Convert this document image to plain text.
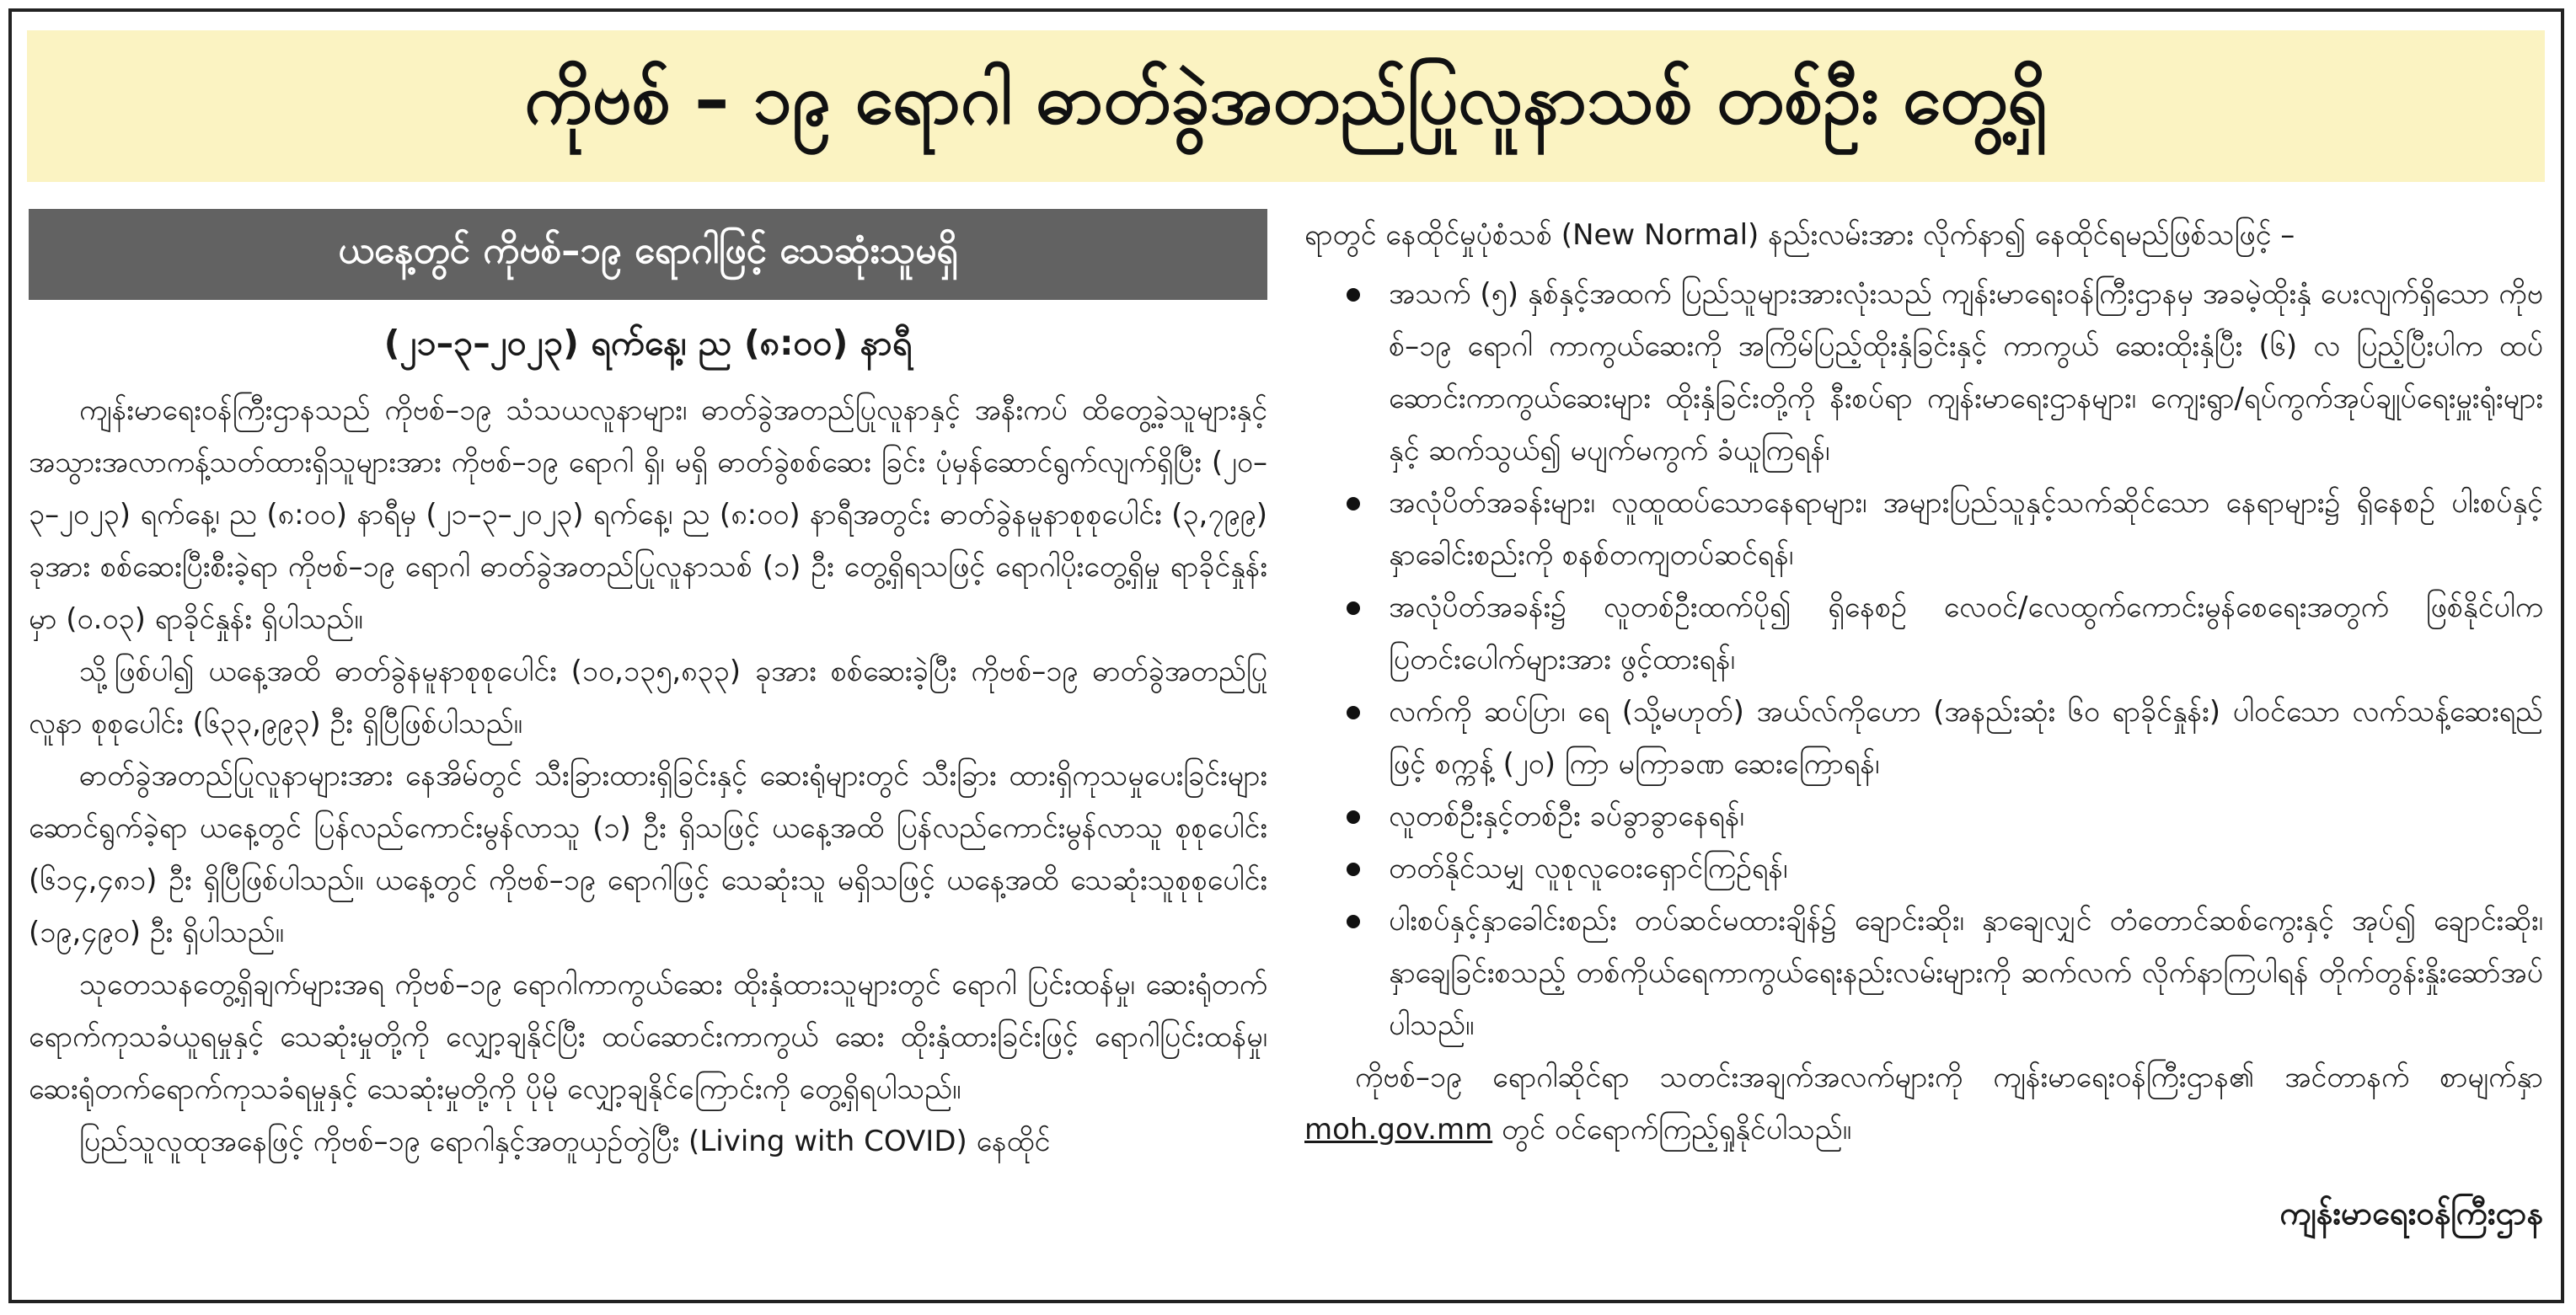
ကိုဗစ် – ၁၉ ရောဂါ ဓာတ်ခွဲအတည်ပြုလူနာသစ် တစ်ဦး တွေ့ရှိ
ယနေ့တွင် ကိုဗစ်–၁၉ ရောဂါဖြင့် သေဆုံးသူမရှိ
(၂၁–၃–၂၀၂၃) ရက်နေ့၊ ည (၈:၀၀) နာရီ

ကျန်းမာရေးဝန်ကြီးဌာနသည် ကိုဗစ်–၁၉ သံသယလူနာများ၊ ဓာတ်ခွဲအတည်ပြုလူနာနှင့် အနီးကပ် ထိတွေ့ခဲ့သူများနှင့် အသွားအလာကန့်သတ်ထားရှိသူများအား ကိုဗစ်–၁၉ ရောဂါ ရှိ၊ မရှိ ဓာတ်ခွဲစစ်ဆေး ခြင်း ပုံမှန်ဆောင်ရွက်လျက်ရှိပြီး (၂၀–၃–၂၀၂၃) ရက်နေ့၊ ည (၈:၀၀) နာရီမှ (၂၁–၃–၂၀၂၃) ရက်နေ့၊ ည (၈:၀၀) နာရီအတွင်း ဓာတ်ခွဲနမူနာစုစုပေါင်း (၃,၇၉၉) ခုအား စစ်ဆေးပြီးစီးခဲ့ရာ ကိုဗစ်–၁၉ ရောဂါ ဓာတ်ခွဲအတည်ပြုလူနာသစ် (၁) ဦး တွေ့ရှိရသဖြင့် ရောဂါပိုးတွေ့ရှိမှု ရာခိုင်နှုန်းမှာ (၀.၀၃) ရာခိုင်နှုန်း ရှိပါသည်။

သို့ဖြစ်ပါ၍ ယနေ့အထိ ဓာတ်ခွဲနမူနာစုစုပေါင်း (၁၀,၁၃၅,၈၃၃) ခုအား စစ်ဆေးခဲ့ပြီး ကိုဗစ်–၁၉ ဓာတ်ခွဲအတည်ပြုလူနာ စုစုပေါင်း (၆၃၃,၉၉၃) ဦး ရှိပြီဖြစ်ပါသည်။

ဓာတ်ခွဲအတည်ပြုလူနာများအား နေအိမ်တွင် သီးခြားထားရှိခြင်းနှင့် ဆေးရုံများတွင် သီးခြား ထားရှိကုသမှုပေးခြင်းများ ဆောင်ရွက်ခဲ့ရာ ယနေ့တွင် ပြန်လည်ကောင်းမွန်လာသူ (၁) ဦး ရှိသဖြင့် ယနေ့အထိ ပြန်လည်ကောင်းမွန်လာသူ စုစုပေါင်း (၆၁၄,၄၈၁) ဦး ရှိပြီဖြစ်ပါသည်။ ယနေ့တွင် ကိုဗစ်–၁၉ ရောဂါဖြင့် သေဆုံးသူ မရှိသဖြင့် ယနေ့အထိ သေဆုံးသူစုစုပေါင်း (၁၉,၄၉၀) ဦး ရှိပါသည်။

သုတေသနတွေ့ရှိချက်များအရ ကိုဗစ်–၁၉ ရောဂါကာကွယ်ဆေး ထိုးနှံထားသူများတွင် ရောဂါ ပြင်းထန်မှု၊ ဆေးရုံတက်ရောက်ကုသခံယူရမှုနှင့် သေဆုံးမှုတို့ကို လျှော့ချနိုင်ပြီး ထပ်ဆောင်းကာကွယ် ဆေး ထိုးနှံထားခြင်းဖြင့် ရောဂါပြင်းထန်မှု၊ ဆေးရုံတက်ရောက်ကုသခံရမှုနှင့် သေဆုံးမှုတို့ကို ပိုမို လျှော့ချနိုင်ကြောင်းကို တွေ့ရှိရပါသည်။

ပြည်သူလူထုအနေဖြင့် ကိုဗစ်–၁၉ ရောဂါနှင့်အတူယှဉ်တွဲပြီး (Living with COVID) နေထိုင်

ရာတွင် နေထိုင်မှုပုံစံသစ် (New Normal) နည်းလမ်းအား လိုက်နာ၍ နေထိုင်ရမည်ဖြစ်သဖြင့် –

အသက် (၅) နှစ်နှင့်အထက် ပြည်သူများအားလုံးသည် ကျန်းမာရေးဝန်ကြီးဌာနမှ အခမဲ့ထိုးနှံ ပေးလျက်ရှိသော ကိုဗစ်–၁၉ ရောဂါ ကာကွယ်ဆေးကို အကြိမ်ပြည့်ထိုးနှံခြင်းနှင့် ကာကွယ် ဆေးထိုးနှံပြီး (၆) လ ပြည့်ပြီးပါက ထပ်ဆောင်းကာကွယ်ဆေးများ ထိုးနှံခြင်းတို့ကို နီးစပ်ရာ ကျန်းမာရေးဌာနများ၊ ကျေးရွာ/ရပ်ကွက်အုပ်ချုပ်ရေးမှူးရုံးများနှင့် ဆက်သွယ်၍ မပျက်မကွက် ခံယူကြရန်၊
အလုံပိတ်အခန်းများ၊ လူထူထပ်သောနေရာများ၊ အများပြည်သူနှင့်သက်ဆိုင်သော နေရာများ၌ ရှိနေစဉ် ပါးစပ်နှင့်နှာခေါင်းစည်းကို စနစ်တကျတပ်ဆင်ရန်၊
အလုံပိတ်အခန်း၌ လူတစ်ဦးထက်ပို၍ ရှိနေစဉ် လေဝင်/လေထွက်ကောင်းမွန်စေရေးအတွက် ဖြစ်နိုင်ပါက ပြတင်းပေါက်များအား ဖွင့်ထားရန်၊
လက်ကို ဆပ်ပြာ၊ ရေ (သို့မဟုတ်) အယ်လ်ကိုဟော (အနည်းဆုံး ၆၀ ရာခိုင်နှုန်း) ပါဝင်သော လက်သန့်ဆေးရည်ဖြင့် စက္ကန့် (၂၀) ကြာ မကြာခဏ ဆေးကြောရန်၊
လူတစ်ဦးနှင့်တစ်ဦး ခပ်ခွာခွာနေရန်၊
တတ်နိုင်သမျှ လူစုလူဝေးရှောင်ကြဉ်ရန်၊
ပါးစပ်နှင့်နှာခေါင်းစည်း တပ်ဆင်မထားချိန်၌ ချောင်းဆိုး၊ နှာချေလျှင် တံတောင်ဆစ်ကွေးနှင့် အုပ်၍ ချောင်းဆိုး၊ နှာချေခြင်းစသည့် တစ်ကိုယ်ရေကာကွယ်ရေးနည်းလမ်းများကို ဆက်လက် လိုက်နာကြပါရန် တိုက်တွန်းနှိုးဆော်အပ်ပါသည်။

ကိုဗစ်–၁၉ ရောဂါဆိုင်ရာ သတင်းအချက်အလက်များကို ကျန်းမာရေးဝန်ကြီးဌာန၏ အင်တာနက် စာမျက်နှာ moh.gov.mm တွင် ဝင်ရောက်ကြည့်ရှုနိုင်ပါသည်။

ကျန်းမာရေးဝန်ကြီးဌာန
